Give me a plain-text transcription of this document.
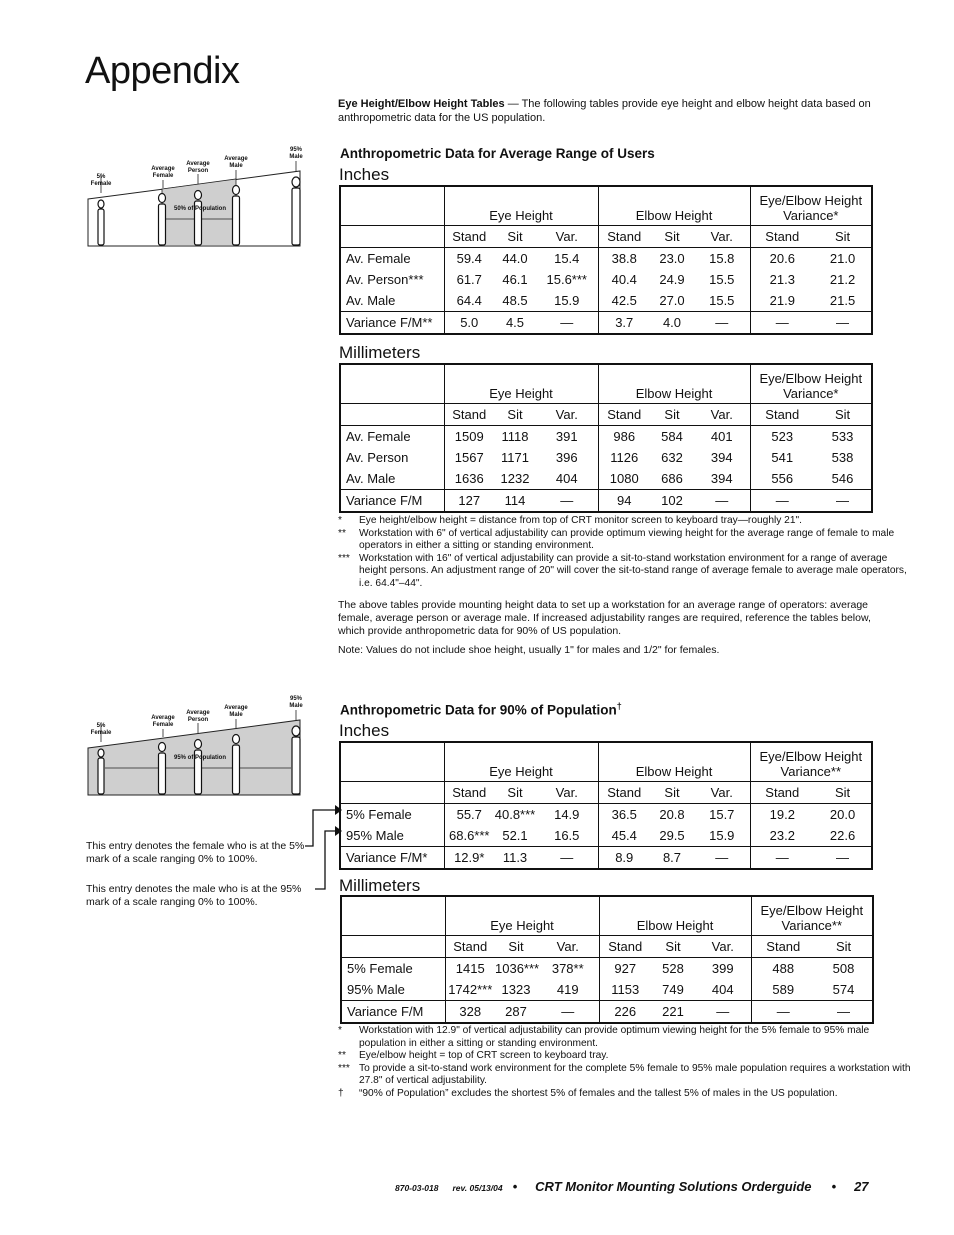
Appendix
Eye Height/Elbow Height Tables — The following tables provide eye height and elbow height data based on anthropometric data for the US population.
5% Female
Average Female
Average Person
Average Male
95% Male
50% of Population
Anthropometric Data for Average Range of Users
Inches
	Eye Height			Elbow Height			Eye/Elbow Height
Variance*	
	Stand	Sit	Var.	Stand	Sit	Var.	Stand	Sit
Av. Female	59.4	44.0	15.4	38.8	23.0	15.8	20.6	21.0
Av. Person***	61.7	46.1	15.6***	40.4	24.9	15.5	21.3	21.2
Av. Male	64.4	48.5	15.9	42.5	27.0	15.5	21.9	21.5
Variance F/M**	5.0	4.5	—	3.7	4.0	—	—	—
Millimeters
	Eye Height			Elbow Height			Eye/Elbow Height
Variance*	
	Stand	Sit	Var.	Stand	Sit	Var.	Stand	Sit
Av. Female	1509	1118	391	986	584	401	523	533
Av. Person	1567	1171	396	1126	632	394	541	538
Av. Male	1636	1232	404	1080	686	394	556	546
Variance F/M	127	114	—	94	102	—	—	—
*	Eye height/elbow height = distance from top of CRT monitor screen to keyboard tray—roughly 21".
**	Workstation with 6" of vertical adjustability can provide optimum viewing height for the average range of female to male operators in either a sitting or standing environment.
*** Workstation with 16" of vertical adjustability can provide a sit-to-stand workstation environment for a range of average height persons. An adjustment range of 20" will cover the sit-to-stand range of average female to average male operators, i.e. 64.4"–44".
The above tables provide mounting height data to set up a workstation for an average range of operators: average female, average person or average male. If increased adjustability ranges are required, reference the tables below, which provide anthropometric data for 90% of US population.
Note: Values do not include shoe height, usually 1" for males and 1/2" for females.
5% Female
Average Female
Average Person
Average Male
95% Male
95% of Population
Anthropometric Data for 90% of Population†
Inches
	Eye Height			Elbow Height			Eye/Elbow Height
Variance**	
	Stand	Sit	Var.	Stand	Sit	Var.	Stand	Sit
5% Female	55.7	40.8***	14.9	36.5	20.8	15.7	19.2	20.0
95% Male	68.6***	52.1	16.5	45.4	29.5	15.9	23.2	22.6
Variance F/M*	12.9*	11.3	—	8.9	8.7	—	—	—
Millimeters
	Eye Height			Elbow Height			Eye/Elbow Height
Variance**	
	Stand	Sit	Var.	Stand	Sit	Var.	Stand	Sit
5% Female	1415	1036***	378**	927	528	399	488	508
95% Male	1742***	1323	419	1153	749	404	589	574
Variance F/M	328	287	—	226	221	—	—	—
This entry denotes the female who is at the 5% mark of a scale ranging 0% to 100%.
This entry denotes the male who is at the 95% mark of a scale ranging 0% to 100%.
*	Workstation with 12.9" of vertical adjustability can provide optimum viewing height for the 5% female to 95% male population in either a sitting or standing environment.
**	Eye/elbow height = top of CRT screen to keyboard tray.
*** To provide a sit-to-stand work environment for the complete 5% female to 95% male population requires a workstation with 27.8" of vertical adjustability.
†	“90% of Population” excludes the shortest 5% of females and the tallest 5% of males in the US population.
870-03-018 rev. 05/13/04 • CRT Monitor Mounting Solutions Orderguide • 27
